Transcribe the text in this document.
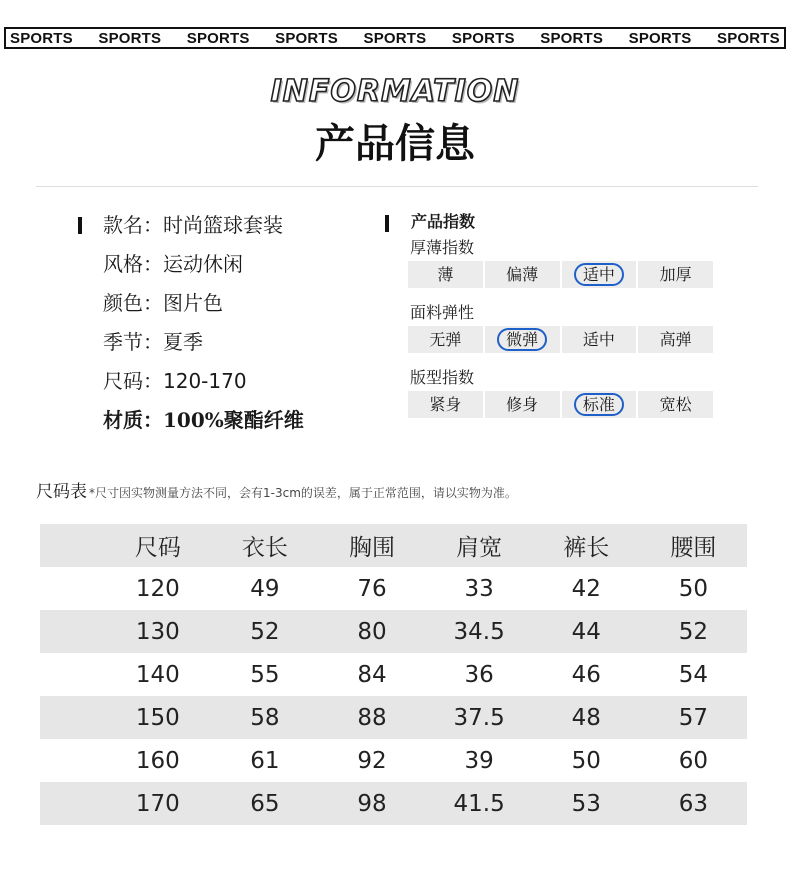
SPORTS SPORTS SPORTS SPORTS SPORTS SPORTS SPORTS SPORTS SPORTS
INFORMATION
产品信息
款名：时尚篮球套装
风格：运动休闲
颜色：图片色
季节：夏季
尺码：120-170
材质：100%聚酯纤维
产品指数
厚薄指数
薄	偏薄	适中	加厚
面料弹性
无弹	微弹	适中	高弹
版型指数
紧身	修身	标准	宽松
尺码表 *尺寸因实物测量方法不同，会有1-3cm的误差，属于正常范围，请以实物为准。
	尺码	衣长	胸围	肩宽	裤长	腰围
	120	49	76	33	42	50
	130	52	80	34.5	44	52
	140	55	84	36	46	54
	150	58	88	37.5	48	57
	160	61	92	39	50	60
	170	65	98	41.5	53	63
